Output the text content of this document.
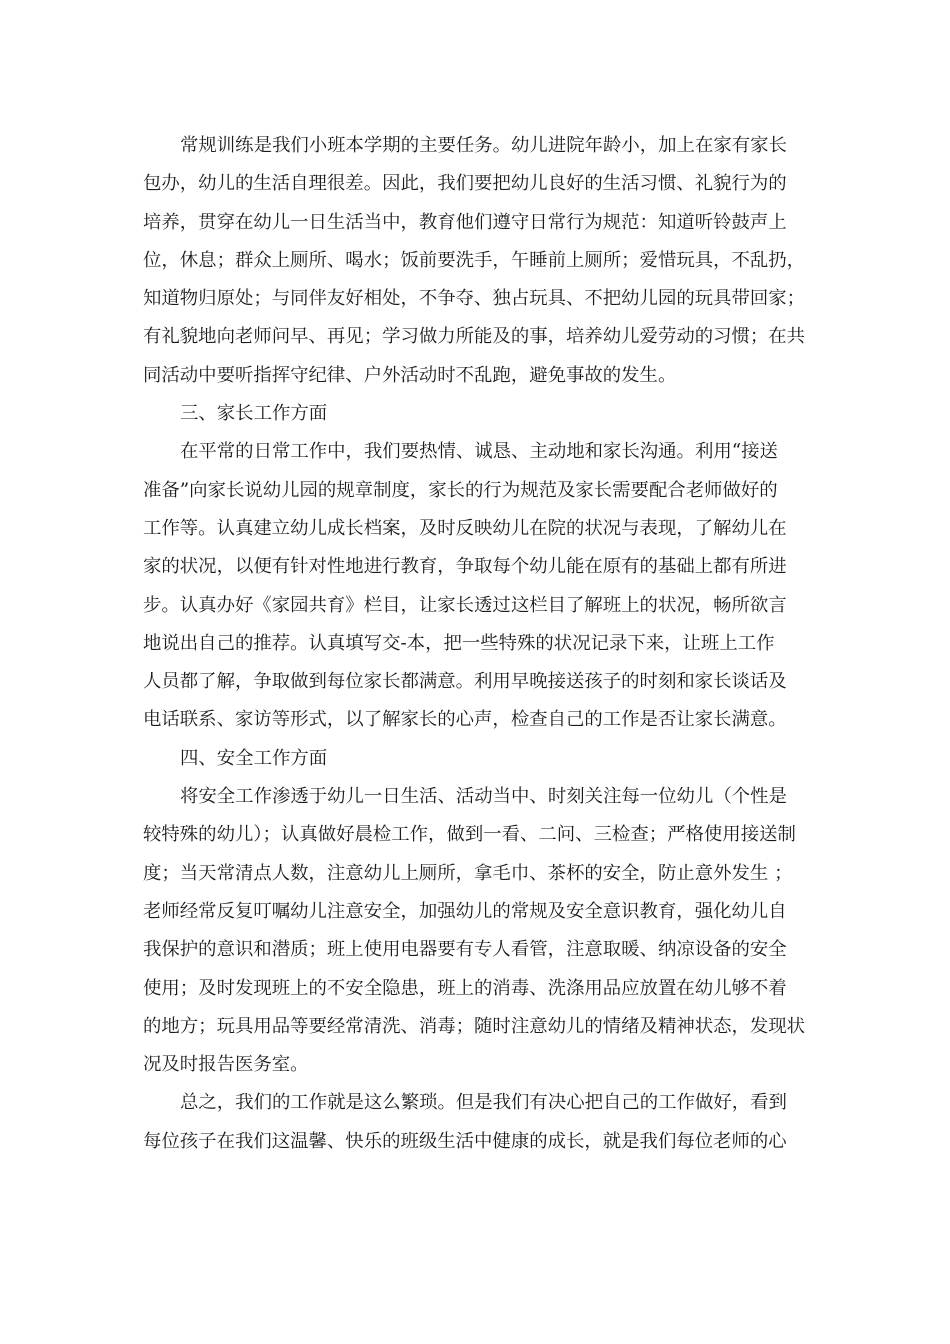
常规训练是我们小班本学期的主要任务。幼儿进院年龄小，加上在家有家长
包办，幼儿的生活自理很差。因此，我们要把幼儿良好的生活习惯、礼貌行为的
培养，贯穿在幼儿一日生活当中，教育他们遵守日常行为规范：知道听铃鼓声上
位，休息；群众上厕所、喝水；饭前要洗手，午睡前上厕所；爱惜玩具，不乱扔，
知道物归原处；与同伴友好相处，不争夺、独占玩具、不把幼儿园的玩具带回家；
有礼貌地向老师问早、再见；学习做力所能及的事，培养幼儿爱劳动的习惯；在共
同活动中要听指挥守纪律、户外活动时不乱跑，避免事故的发生。
三、家长工作方面
在平常的日常工作中，我们要热情、诚恳、主动地和家长沟通。利用“接送
准备”向家长说幼儿园的规章制度，家长的行为规范及家长需要配合老师做好的
工作等。认真建立幼儿成长档案，及时反映幼儿在院的状况与表现，了解幼儿在
家的状况，以便有针对性地进行教育，争取每个幼儿能在原有的基础上都有所进
步。认真办好《家园共育》栏目，让家长透过这栏目了解班上的状况，畅所欲言
地说出自己的推荐。认真填写交-本，把一些特殊的状况记录下来，让班上工作
人员都了解，争取做到每位家长都满意。利用早晚接送孩子的时刻和家长谈话及
电话联系、家访等形式，以了解家长的心声，检查自己的工作是否让家长满意。
四、安全工作方面
将安全工作渗透于幼儿一日生活、活动当中、时刻关注每一位幼儿（个性是
较特殊的幼儿）；认真做好晨检工作，做到一看、二问、三检查；严格使用接送制
度；当天常清点人数，注意幼儿上厕所，拿毛巾、茶杯的安全，防止意外发生 ；
老师经常反复叮嘱幼儿注意安全，加强幼儿的常规及安全意识教育，强化幼儿自
我保护的意识和潜质；班上使用电器要有专人看管，注意取暖、纳凉设备的安全
使用；及时发现班上的不安全隐患，班上的消毒、洗涤用品应放置在幼儿够不着
的地方；玩具用品等要经常清洗、消毒；随时注意幼儿的情绪及精神状态，发现状
况及时报告医务室。
总之，我们的工作就是这么繁琐。但是我们有决心把自己的工作做好，看到
每位孩子在我们这温馨、快乐的班级生活中健康的成长，就是我们每位老师的心
